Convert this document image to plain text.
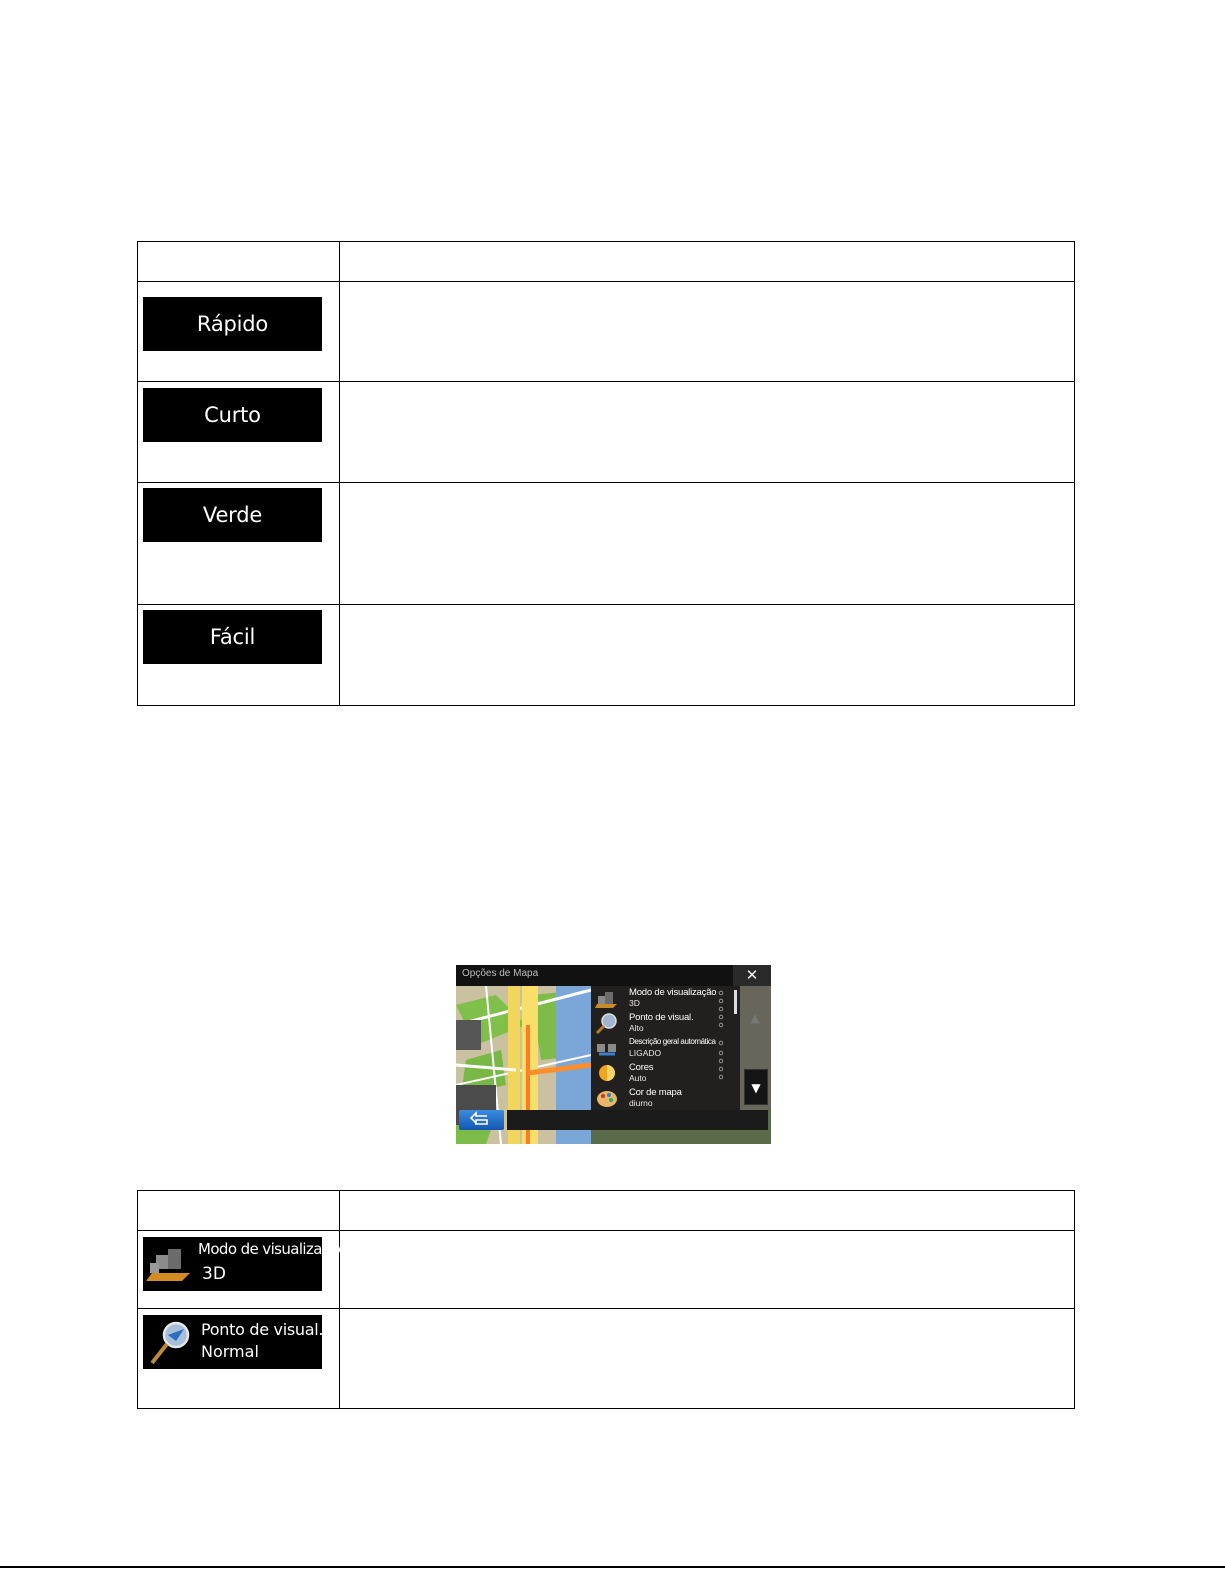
Rápido	

Curto	

Verde	

Fácil	

Opções de Mapa	✕
Modo de visualização
3D
Ponto de visual.
Alto
Descrição geral automática
LIGADO
Cores
Auto
Cor de mapa
diurno
▲
▼

Modo de visualização
3D	

Ponto de visual.
Normal	
